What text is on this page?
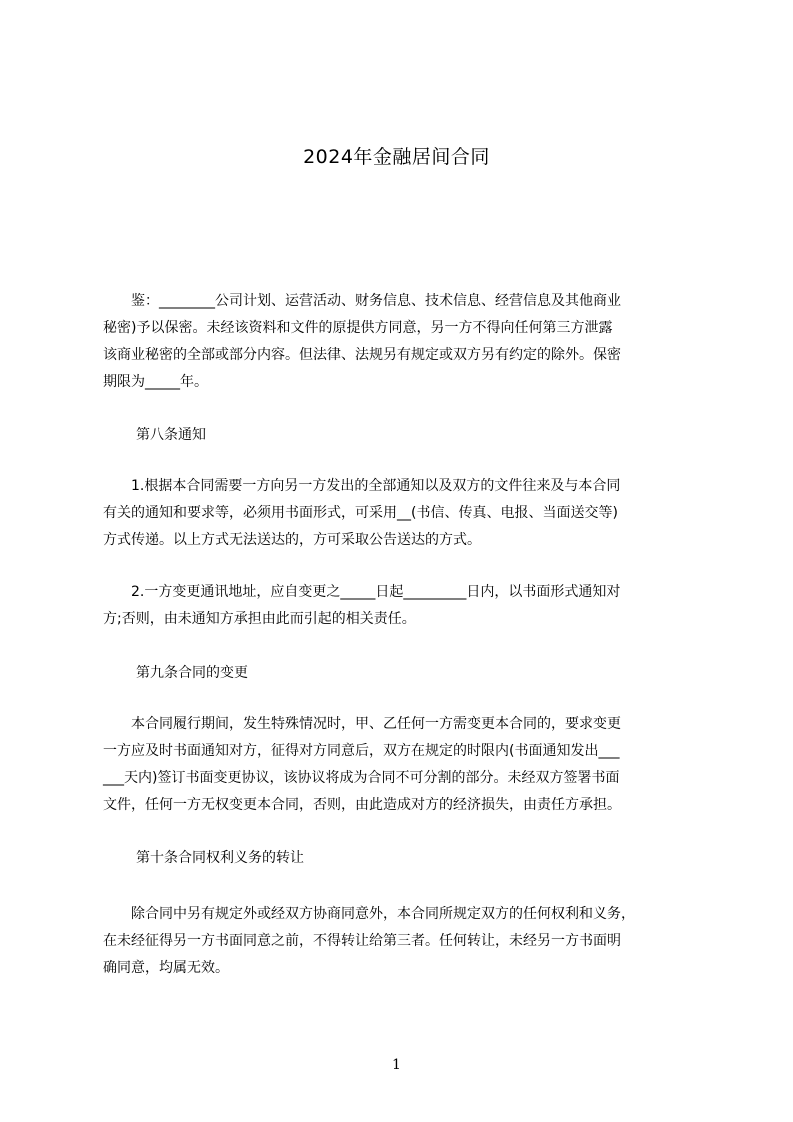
2024年金融居间合同
　　鉴：________公司计划、运营活动、财务信息、技术信息、经营信息及其他商业
秘密)予以保密。未经该资料和文件的原提供方同意，另一方不得向任何第三方泄露
该商业秘密的全部或部分内容。但法律、法规另有规定或双方另有约定的除外。保密
期限为_____年。
第八条通知
　　1.根据本合同需要一方向另一方发出的全部通知以及双方的文件往来及与本合同
有关的通知和要求等，必须用书面形式，可采用__(书信、传真、电报、当面送交等)
方式传递。以上方式无法送达的，方可采取公告送达的方式。
　　2.一方变更通讯地址，应自变更之_____日起_________日内，以书面形式通知对
方;否则，由未通知方承担由此而引起的相关责任。
第九条合同的变更
　　本合同履行期间，发生特殊情况时，甲、乙任何一方需变更本合同的，要求变更
一方应及时书面通知对方，征得对方同意后，双方在规定的时限内(书面通知发出___
___天内)签订书面变更协议，该协议将成为合同不可分割的部分。未经双方签署书面
文件，任何一方无权变更本合同，否则，由此造成对方的经济损失，由责任方承担。
第十条合同权利义务的转让
　　除合同中另有规定外或经双方协商同意外，本合同所规定双方的任何权利和义务，
在未经征得另一方书面同意之前，不得转让给第三者。任何转让，未经另一方书面明
确同意，均属无效。
1
